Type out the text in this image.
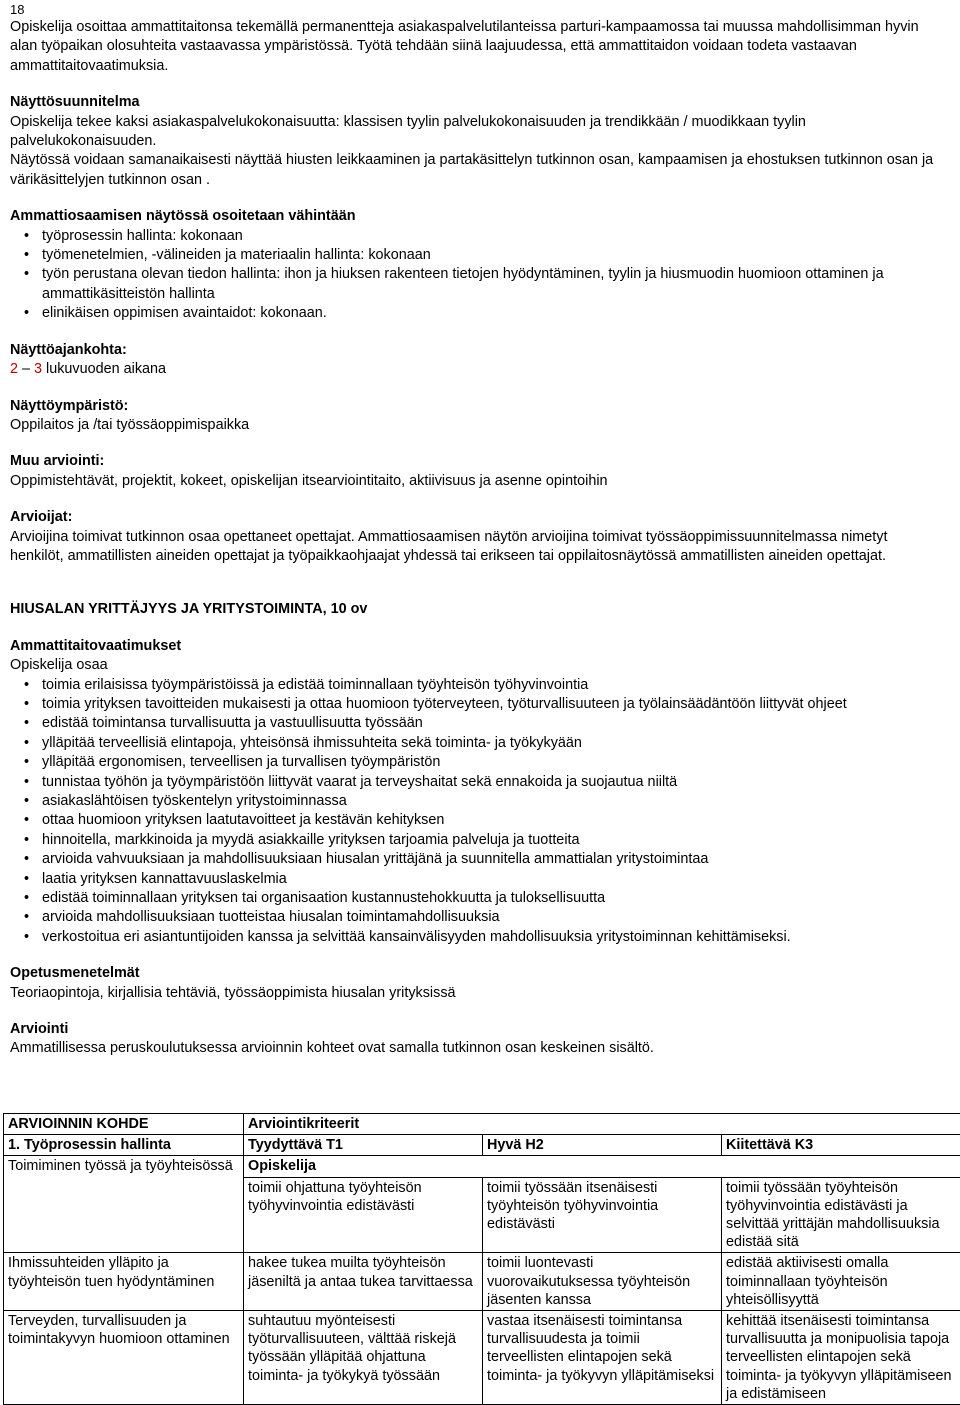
18

Opiskelija osoittaa ammattitaitonsa tekemällä permanentteja asiakaspalvelutilanteissa parturi-kampaamossa tai muussa mahdollisimman hyvin alan työpaikan olosuhteita vastaavassa ympäristössä. Työtä tehdään siinä laajuudessa, että ammattitaidon voidaan todeta vastaavan ammattitaitovaatimuksia.

Näyttösuunnitelma

Opiskelija tekee kaksi asiakaspalvelukokonaisuutta: klassisen tyylin palvelukokonaisuuden ja trendikkään / muodikkaan tyylin palvelukokonaisuuden.

Näytössä voidaan samanaikaisesti näyttää hiusten leikkaaminen ja partakäsittelyn tutkinnon osan, kampaamisen ja ehostuksen tutkinnon osan ja värikäsittelyjen tutkinnon osan .

Ammattiosaamisen näytössä osoitetaan vähintään

• työprosessin hallinta: kokonaan
• työmenetelmien, -välineiden ja materiaalin hallinta: kokonaan
• työn perustana olevan tiedon hallinta: ihon ja hiuksen rakenteen tietojen hyödyntäminen, tyylin ja hiusmuodin huomioon ottaminen ja ammattikäsitteistön hallinta
• elinikäisen oppimisen avaintaidot: kokonaan.

Näyttöajankohta:

2 – 3 lukuvuoden aikana

Näyttöympäristö:

Oppilaitos ja /tai työssäoppimispaikka

Muu arviointi:

Oppimistehtävät, projektit, kokeet, opiskelijan itsearviointitaito, aktiivisuus ja asenne opintoihin

Arvioijat:

Arvioijina toimivat tutkinnon osaa opettaneet opettajat. Ammattiosaamisen näytön arvioijina toimivat työssäoppimissuunnitelmassa nimetyt henkilöt, ammatillisten aineiden opettajat ja työpaikkaohjaajat yhdessä tai erikseen tai oppilaitosnäytössä ammatillisten aineiden opettajat.

HIUSALAN YRITTÄJYYS JA YRITYSTOIMINTA, 10 ov

Ammattitaitovaatimukset

Opiskelija osaa

• toimia erilaisissa työympäristöissä ja edistää toiminnallaan työyhteisön työhyvinvointia
• toimia yrityksen tavoitteiden mukaisesti ja ottaa huomioon työterveyteen, työturvallisuuteen ja työlainsäädäntöön liittyvät ohjeet
• edistää toimintansa turvallisuutta ja vastuullisuutta työssään
• ylläpitää terveellisiä elintapoja, yhteisönsä ihmissuhteita sekä toiminta- ja työkykyään
• ylläpitää ergonomisen, terveellisen ja turvallisen työympäristön
• tunnistaa työhön ja työympäristöön liittyvät vaarat ja terveyshaitat sekä ennakoida ja suojautua niiltä
• asiakaslähtöisen työskentelyn yritystoiminnassa
• ottaa huomioon yrityksen laatutavoitteet ja kestävän kehityksen
• hinnoitella, markkinoida ja myydä asiakkaille yrityksen tarjoamia palveluja ja tuotteita
• arvioida vahvuuksiaan ja mahdollisuuksiaan hiusalan yrittäjänä ja suunnitella ammattialan yritystoimintaa
• laatia yrityksen kannattavuuslaskelmia
• edistää toiminnallaan yrityksen tai organisaation kustannustehokkuutta ja tuloksellisuutta
• arvioida mahdollisuuksiaan tuotteistaa hiusalan toimintamahdollisuuksia
• verkostoitua eri asiantuntijoiden kanssa ja selvittää kansainvälisyyden mahdollisuuksia yritystoiminnan kehittämiseksi.

Opetusmenetelmät

Teoriaopintoja, kirjallisia tehtäviä, työssäoppimista hiusalan yrityksissä

Arviointi

Ammatillisessa peruskoulutuksessa arvioinnin kohteet ovat samalla tutkinnon osan keskeinen sisältö.

ARVIOINNIN KOHDE	Arviointikriteerit		
1. Työprosessin hallinta	Tyydyttävä T1	Hyvä H2	Kiitettävä K3
Toimiminen työssä ja työyhteisössä	Opiskelija		
	toimii ohjattuna työyhteisön työhyvinvointia edistävästi	toimii työssään itsenäisesti työyhteisön työhyvinvointia edistävästi	toimii työssään työyhteisön työhyvinvointia edistävästi ja selvittää yrittäjän mahdollisuuksia edistää sitä
Ihmissuhteiden ylläpito ja työyhteisön tuen hyödyntäminen	hakee tukea muilta työyhteisön jäseniltä ja antaa tukea tarvittaessa	toimii luontevasti vuorovaikutuksessa työyhteisön jäsenten kanssa	edistää aktiivisesti omalla toiminnallaan työyhteisön yhteisöllisyyttä
Terveyden, turvallisuuden ja toimintakyvyn huomioon ottaminen	suhtautuu myönteisesti työturvallisuuteen, välttää riskejä työssään ylläpitää ohjattuna toiminta- ja työkykyä työssään	vastaa itsenäisesti toimintansa turvallisuudesta ja toimii terveellisten elintapojen sekä toiminta- ja työkyvyn ylläpitämiseksi	kehittää itsenäisesti toimintansa turvallisuutta ja monipuolisia tapoja terveellisten elintapojen sekä toiminta- ja työkyvyn ylläpitämiseen ja edistämiseen
